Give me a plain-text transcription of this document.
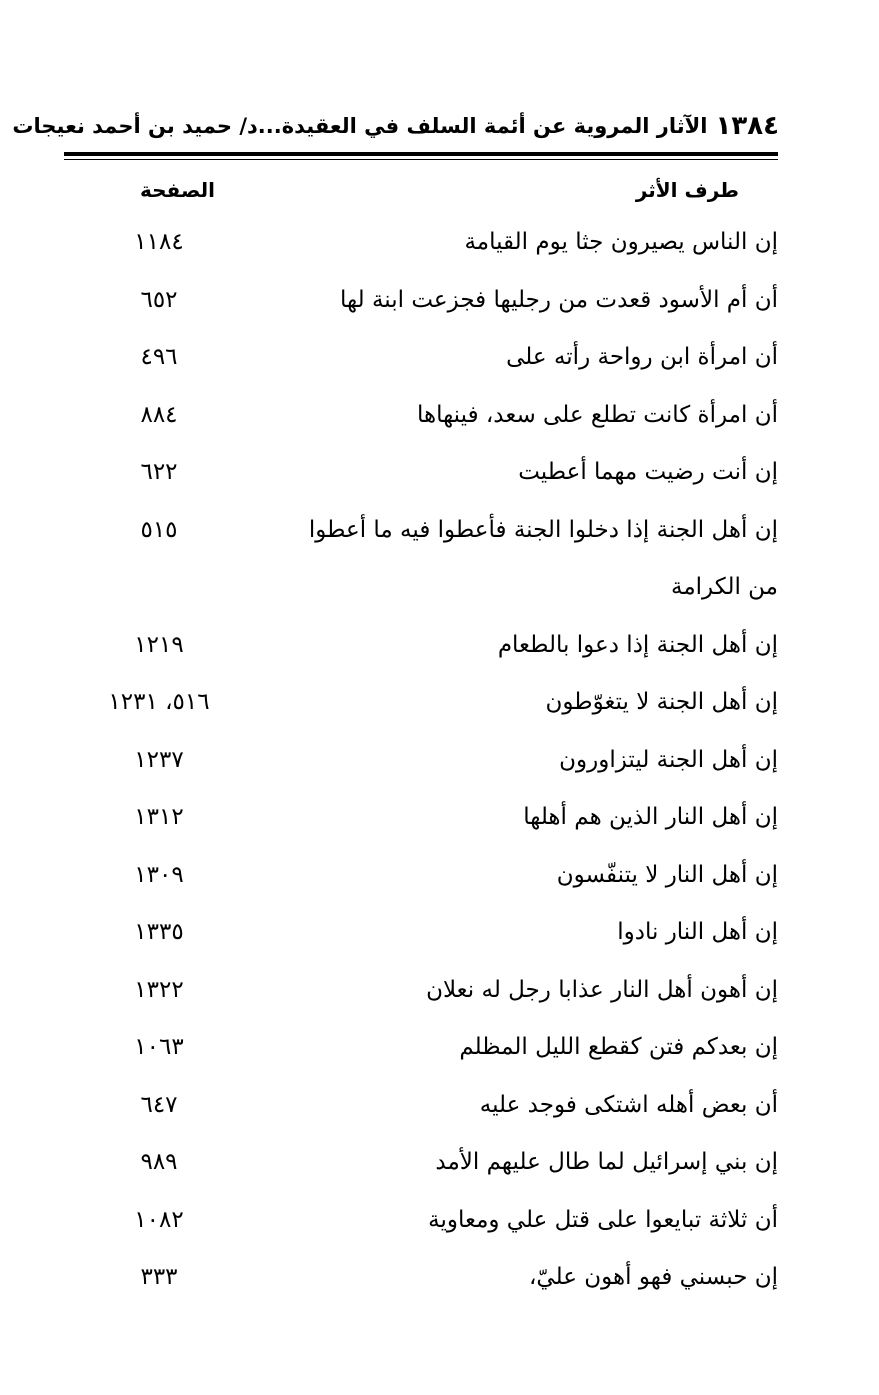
١٣٨٤
الآثار المروية عن أئمة السلف في العقيدة...د/ حميد بن أحمد نعيجات
طرف الأثر
الصفحة
إن الناس يصيرون جثا يوم القيامة
١١٨٤
أن أم الأسود قعدت من رجليها فجزعت ابنة لها
٦٥٢
أن امرأة ابن رواحة رأته على
٤٩٦
أن امرأة كانت تطلع على سعد، فينهاها
٨٨٤
إن أنت رضيت مهما أعطيت
٦٢٢
إن أهل الجنة إذا دخلوا الجنة فأعطوا فيه ما أعطوا من الكرامة
٥١٥
إن أهل الجنة إذا دعوا بالطعام
١٢١٩
إن أهل الجنة لا يتغوّطون
٥١٦، ١٢٣١
إن أهل الجنة ليتزاورون
١٢٣٧
إن أهل النار الذين هم أهلها
١٣١٢
إن أهل النار لا يتنفّسون
١٣٠٩
إن أهل النار نادوا
١٣٣٥
إن أهون أهل النار عذابا رجل له نعلان
١٣٢٢
إن بعدكم فتن كقطع الليل المظلم
١٠٦٣
أن بعض أهله اشتكى فوجد عليه
٦٤٧
إن بني إسرائيل لما طال عليهم الأمد
٩٨٩
أن ثلاثة تبايعوا على قتل علي ومعاوية
١٠٨٢
إن حبسني فهو أهون عليّ،
٣٣٣
